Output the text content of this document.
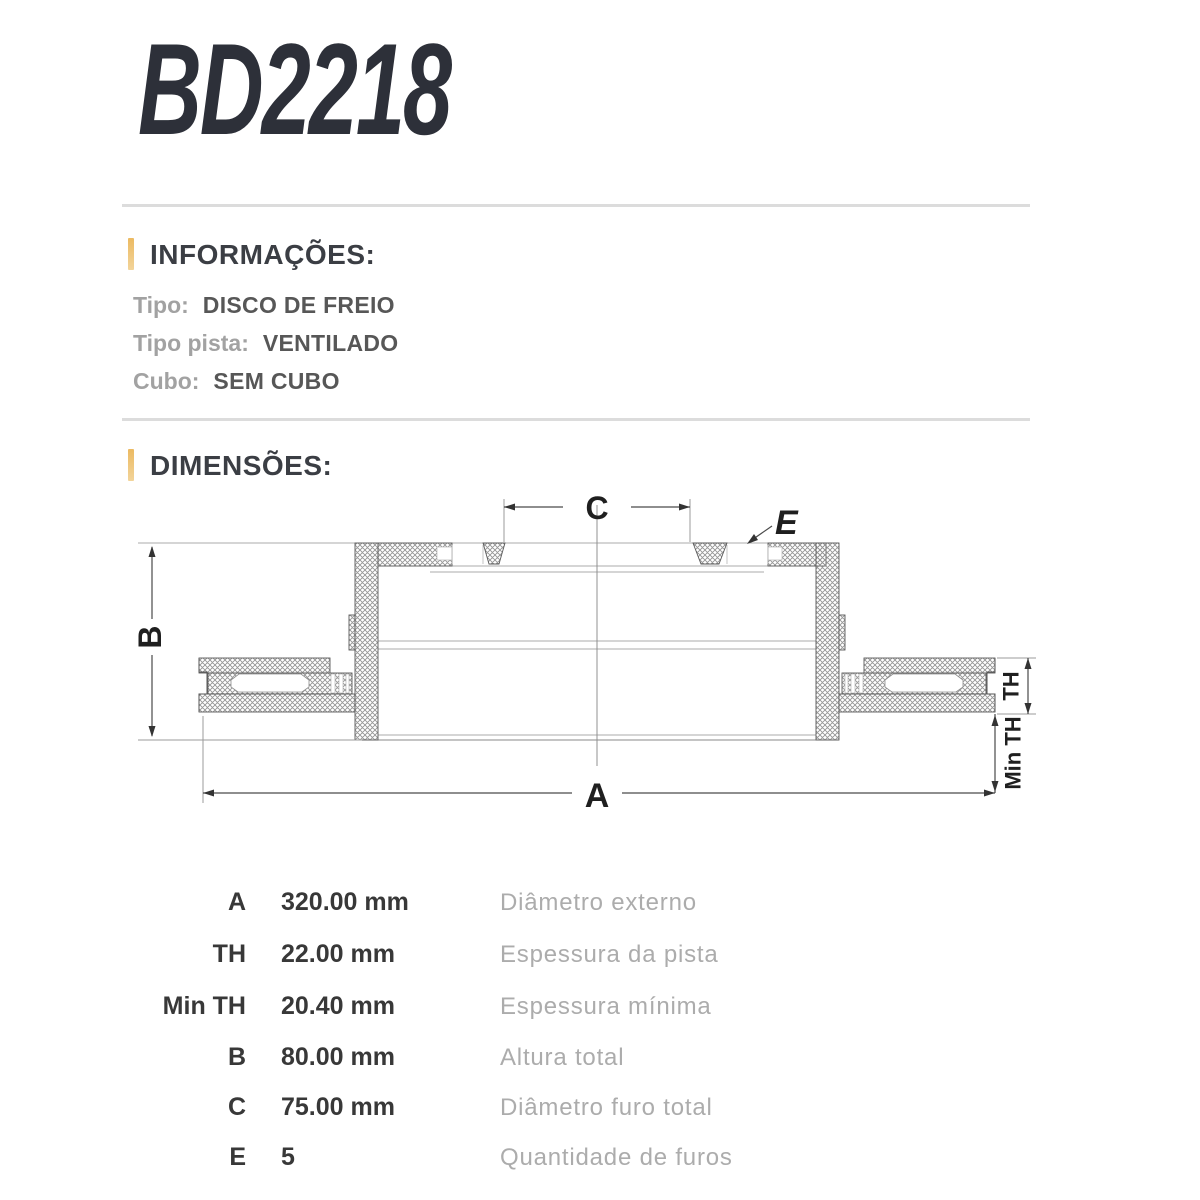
BD2218
INFORMAÇÕES:
Tipo: DISCO DE FREIO
Tipo pista: VENTILADO
Cubo: SEM CUBO
DIMENSÕES:
C	E
B
A
TH
Min TH
A 320.00 mm	Diâmetro externo
TH 22.00 mm	Espessura da pista
Min TH 20.40 mm	Espessura mínima
B 80.00 mm	Altura total
C 75.00 mm	Diâmetro furo total
E 5	Quantidade de furos
